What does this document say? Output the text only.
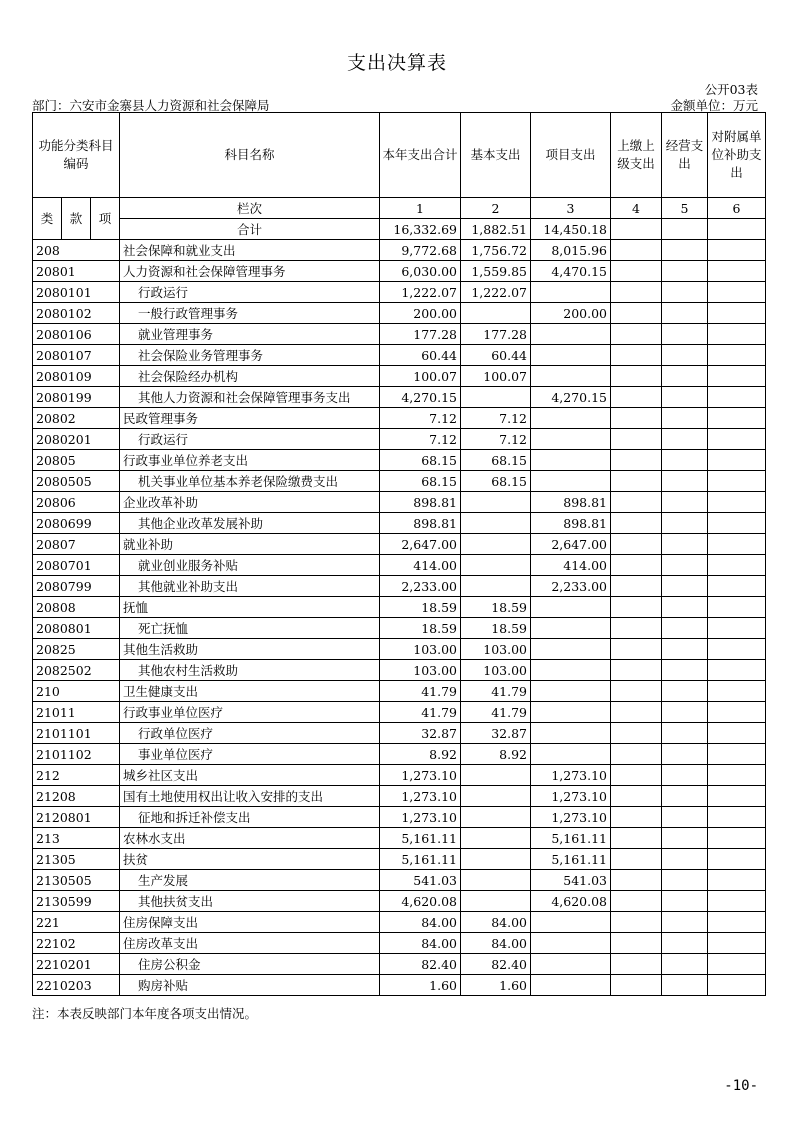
支出决算表
公开03表
部门：六安市金寨县人力资源和社会保障局	金额单位：万元
功能分类科目编码			科目名称	本年支出合计	基本支出	项目支出	上缴上级支出	经营支出	对附属单位补助支出
类	款	项	栏次	1	2	3	4	5	6
			合计	16,332.69	1,882.51	14,450.18			
208			社会保障和就业支出	9,772.68	1,756.72	8,015.96			
20801			人力资源和社会保障管理事务	6,030.00	1,559.85	4,470.15			
2080101			行政运行	1,222.07	1,222.07				
2080102			一般行政管理事务	200.00		200.00			
2080106			就业管理事务	177.28	177.28				
2080107			社会保险业务管理事务	60.44	60.44				
2080109			社会保险经办机构	100.07	100.07				
2080199			其他人力资源和社会保障管理事务支出	4,270.15		4,270.15			
20802			民政管理事务	7.12	7.12				
2080201			行政运行	7.12	7.12				
20805			行政事业单位养老支出	68.15	68.15				
2080505			机关事业单位基本养老保险缴费支出	68.15	68.15				
20806			企业改革补助	898.81		898.81			
2080699			其他企业改革发展补助	898.81		898.81			
20807			就业补助	2,647.00		2,647.00			
2080701			就业创业服务补贴	414.00		414.00			
2080799			其他就业补助支出	2,233.00		2,233.00			
20808			抚恤	18.59	18.59				
2080801			死亡抚恤	18.59	18.59				
20825			其他生活救助	103.00	103.00				
2082502			其他农村生活救助	103.00	103.00				
210			卫生健康支出	41.79	41.79				
21011			行政事业单位医疗	41.79	41.79				
2101101			行政单位医疗	32.87	32.87				
2101102			事业单位医疗	8.92	8.92				
212			城乡社区支出	1,273.10		1,273.10			
21208			国有土地使用权出让收入安排的支出	1,273.10		1,273.10			
2120801			征地和拆迁补偿支出	1,273.10		1,273.10			
213			农林水支出	5,161.11		5,161.11			
21305			扶贫	5,161.11		5,161.11			
2130505			生产发展	541.03		541.03			
2130599			其他扶贫支出	4,620.08		4,620.08			
221			住房保障支出	84.00	84.00				
22102			住房改革支出	84.00	84.00				
2210201			住房公积金	82.40	82.40				
2210203			购房补贴	1.60	1.60				
注：本表反映部门本年度各项支出情况。
-10-
